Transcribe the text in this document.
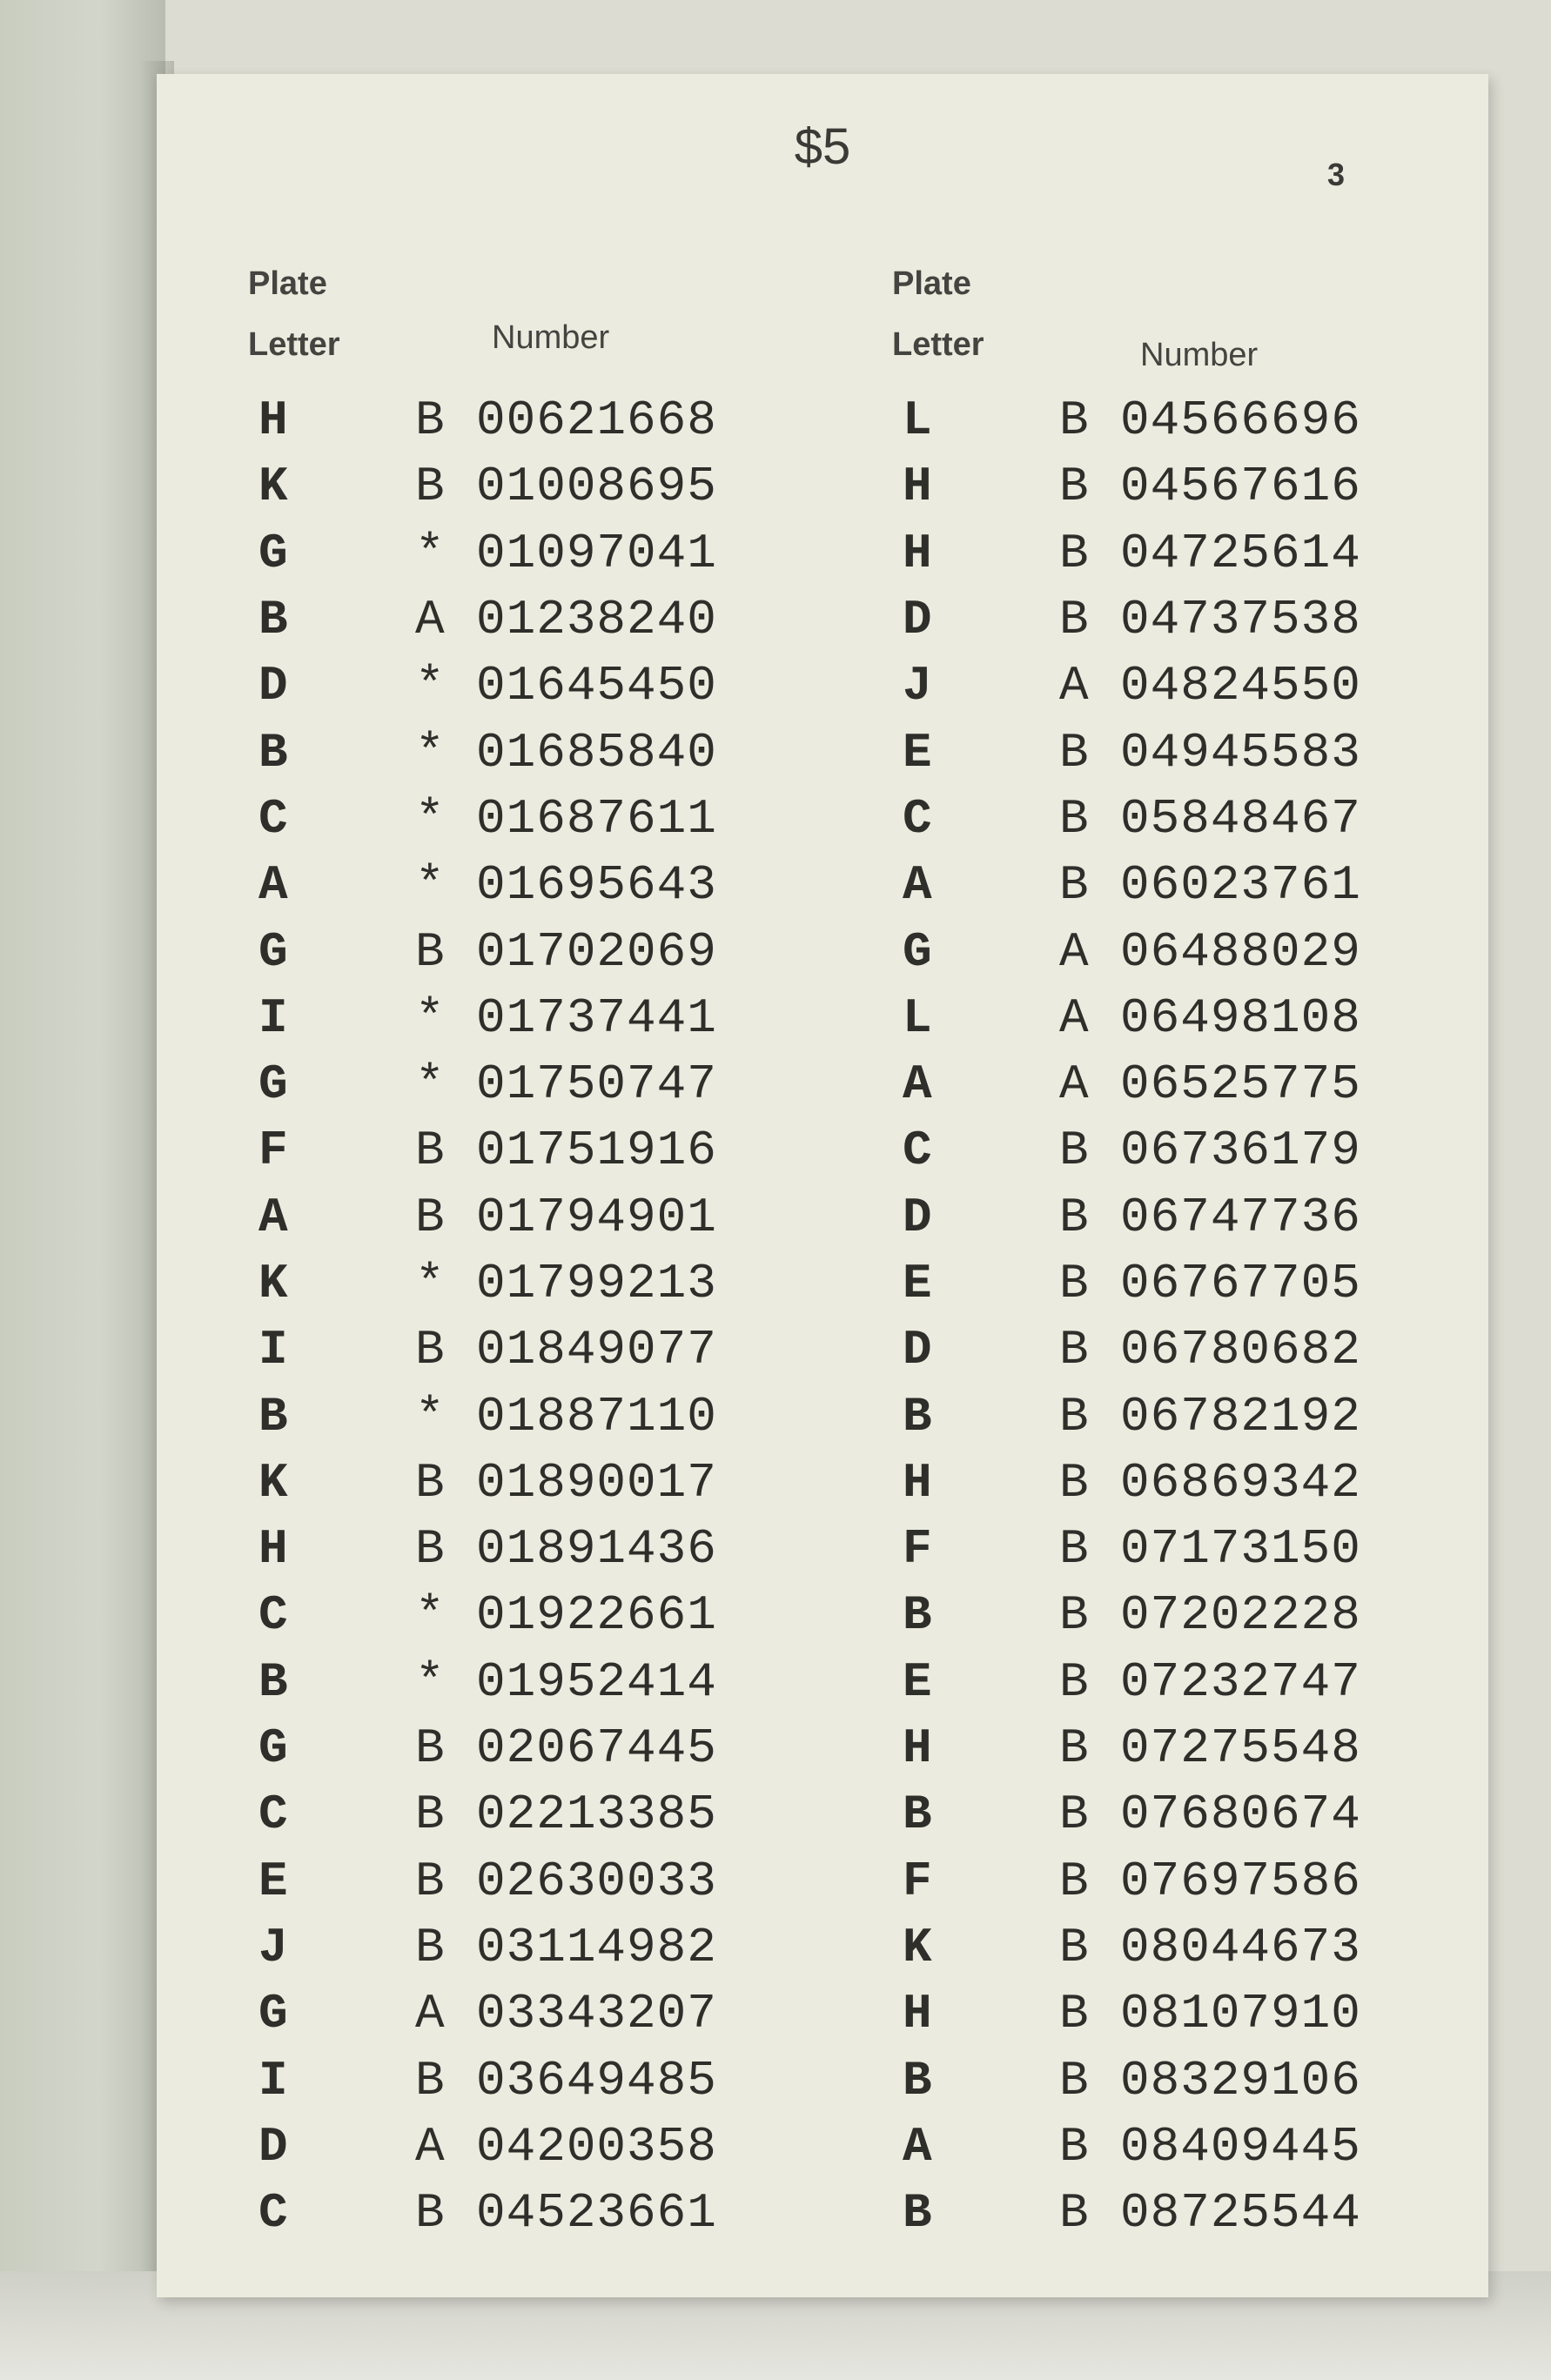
$5	3
Plate
Letter	Number
H	B 00621668
K	B 01008695
G	* 01097041
B	A 01238240
D	* 01645450
B	* 01685840
C	* 01687611
A	* 01695643
G	B 01702069
I	* 01737441
G	* 01750747
F	B 01751916
A	B 01794901
K	* 01799213
I	B 01849077
B	* 01887110
K	B 01890017
H	B 01891436
C	* 01922661
B	* 01952414
G	B 02067445
C	B 02213385
E	B 02630033
J	B 03114982
G	A 03343207
I	B 03649485
D	A 04200358
C	B 04523661
Plate
Letter	Number
L	B 04566696
H	B 04567616
H	B 04725614
D	B 04737538
J	A 04824550
E	B 04945583
C	B 05848467
A	B 06023761
G	A 06488029
L	A 06498108
A	A 06525775
C	B 06736179
D	B 06747736
E	B 06767705
D	B 06780682
B	B 06782192
H	B 06869342
F	B 07173150
B	B 07202228
E	B 07232747
H	B 07275548
B	B 07680674
F	B 07697586
K	B 08044673
H	B 08107910
B	B 08329106
A	B 08409445
B	B 08725544
